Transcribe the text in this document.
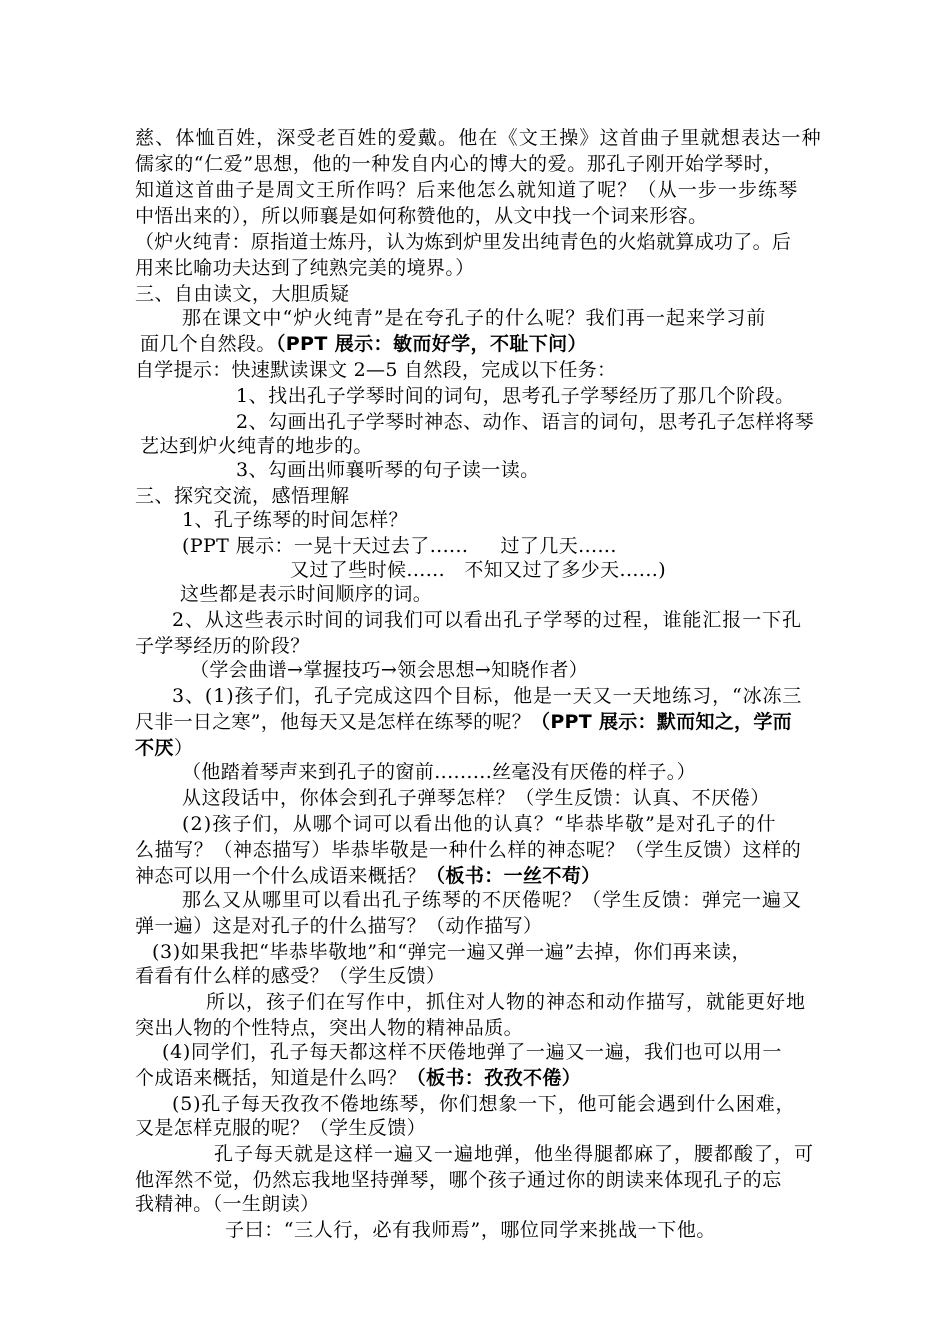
慈、体恤百姓，深受老百姓的爱戴。他在《文王操》这首曲子里就想表达一种
儒家的“仁爱”思想，他的一种发自内心的博大的爱。那孔子刚开始学琴时，
知道这首曲子是周文王所作吗？后来他怎么就知道了呢？（从一步一步练琴
中悟出来的），所以师襄是如何称赞他的，从文中找一个词来形容。
（炉火纯青：原指道士炼丹，认为炼到炉里发出纯青色的火焰就算成功了。后
用来比喻功夫达到了纯熟完美的境界。）
三、自由读文，大胆质疑
那在课文中“炉火纯青”是在夸孔子的什么呢？我们再一起来学习前
面几个自然段。（PPT 展示：敏而好学，不耻下问）
自学提示：快速默读课文 2—5 自然段，完成以下任务：
1、找出孔子学琴时间的词句，思考孔子学琴经历了那几个阶段。
2、勾画出孔子学琴时神态、动作、语言的词句，思考孔子怎样将琴
艺达到炉火纯青的地步的。
3、勾画出师襄听琴的句子读一读。
三、探究交流，感悟理解
1、孔子练琴的时间怎样？
(PPT 展示：一晃十天过去了......     过了几天......
又过了些时候......   不知又过了多少天......)
这些都是表示时间顺序的词。
2、从这些表示时间的词我们可以看出孔子学琴的过程，谁能汇报一下孔
子学琴经历的阶段？
（学会曲谱→掌握技巧→领会思想→知晓作者）
3、(1)孩子们，孔子完成这四个目标，他是一天又一天地练习，“冰冻三
尺非一日之寒”，他每天又是怎样在练琴的呢？（PPT 展示：默而知之，学而
不厌）
（他踏着琴声来到孔子的窗前.........丝毫没有厌倦的样子。）
从这段话中，你体会到孔子弹琴怎样？（学生反馈：认真、不厌倦）
(2)孩子们，从哪个词可以看出他的认真？“毕恭毕敬”是对孔子的什
么描写？（神态描写）毕恭毕敬是一种什么样的神态呢？（学生反馈）这样的
神态可以用一个什么成语来概括？（板书：一丝不苟）
那么又从哪里可以看出孔子练琴的不厌倦呢？（学生反馈：弹完一遍又
弹一遍）这是对孔子的什么描写？（动作描写）
(3)如果我把“毕恭毕敬地”和“弹完一遍又弹一遍”去掉，你们再来读，
看看有什么样的感受？（学生反馈）
所以，孩子们在写作中，抓住对人物的神态和动作描写，就能更好地
突出人物的个性特点，突出人物的精神品质。
(4)同学们，孔子每天都这样不厌倦地弹了一遍又一遍，我们也可以用一
个成语来概括，知道是什么吗？（板书：孜孜不倦）
(5)孔子每天孜孜不倦地练琴，你们想象一下，他可能会遇到什么困难，
又是怎样克服的呢？（学生反馈）
孔子每天就是这样一遍又一遍地弹，他坐得腿都麻了，腰都酸了，可
他浑然不觉，仍然忘我地坚持弹琴，哪个孩子通过你的朗读来体现孔子的忘
我精神。（一生朗读）
子曰：“三人行，必有我师焉”，哪位同学来挑战一下他。
